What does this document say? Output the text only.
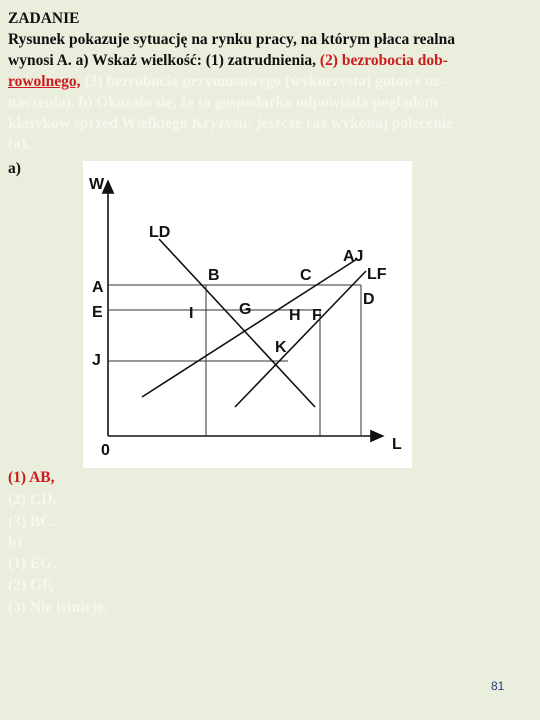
ZADANIE
Rysunek pokazuje sytuację na rynku pracy, na którym płaca realna
wynosi A. a) Wskaż wielkość: (1) zatrudnienia, (2) bezrobocia dob-
rowolnego, (3) bezrobocia przymusowego (wykorzystaj gotowe oz-
naczenia). b) Okazało się, że ta gospodarka odpowiada poglądom
klasyków sprzed Wielkiego Kryzysu; jeszcze raz wykonaj polecenie
(a).
a)
W
L
0
A
E
J
LD
AJ
LF
B	C
D
G
I	H F
K
(1) AB,
(2) CD,
(3) BC.
b)
(1) EG,
(2) GF,
(3) Nie istnieje.
81
